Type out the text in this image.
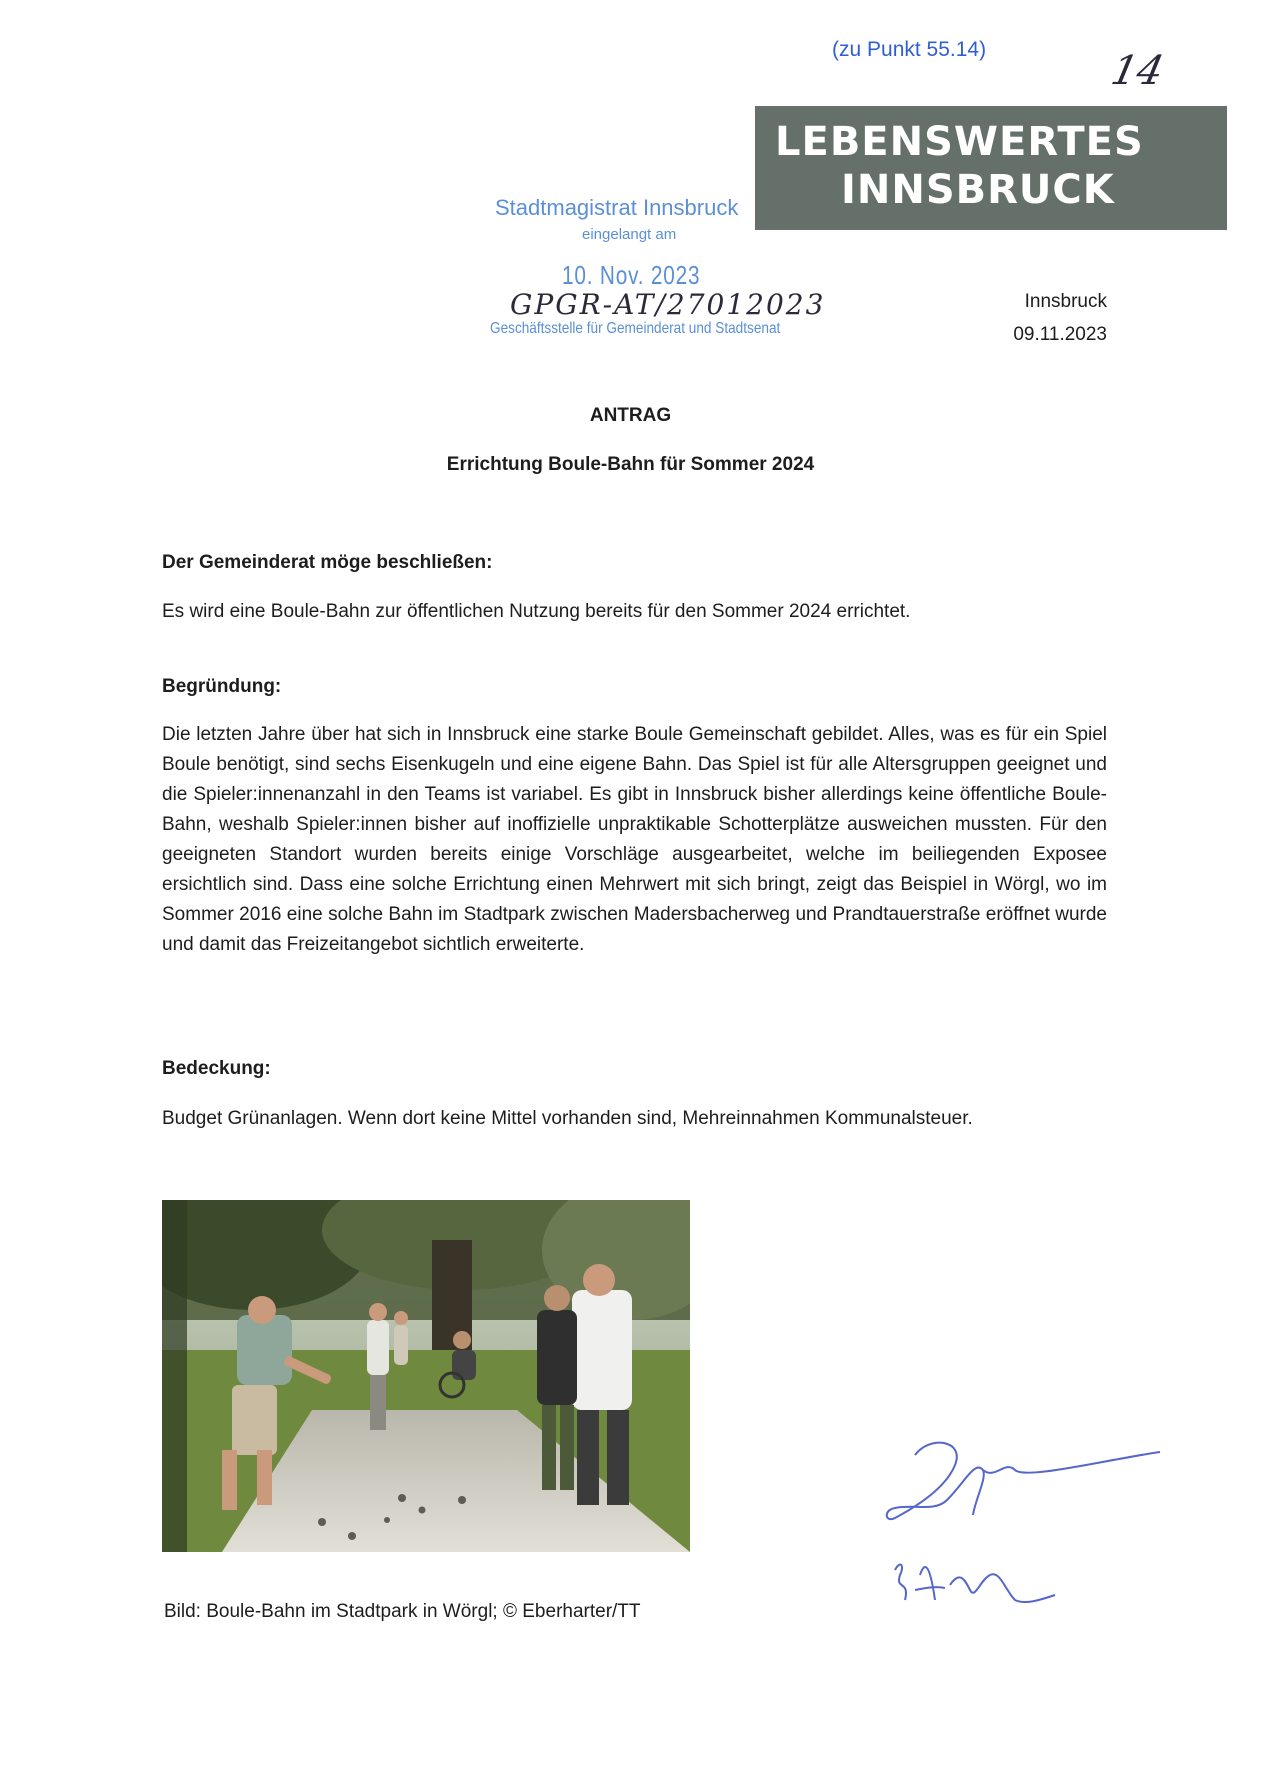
(zu Punkt 55.14)	14
LEBENSWERTES
INNSBRUCK
Stadtmagistrat Innsbruck
eingelangt am
10. Nov. 2023
GPGR-AT/27012023
Geschäftsstelle für Gemeinderat und Stadtsenat
Innsbruck
09.11.2023
ANTRAG
Errichtung Boule-Bahn für Sommer 2024
Der Gemeinderat möge beschließen:
Es wird eine Boule-Bahn zur öffentlichen Nutzung bereits für den Sommer 2024 errichtet.
Begründung:
Die letzten Jahre über hat sich in Innsbruck eine starke Boule Gemeinschaft gebildet. Alles, was es für ein Spiel Boule benötigt, sind sechs Eisenkugeln und eine eigene Bahn. Das Spiel ist für alle Altersgruppen geeignet und die Spieler:innenanzahl in den Teams ist variabel. Es gibt in Innsbruck bisher allerdings keine öffentliche Boule-Bahn, weshalb Spieler:innen bisher auf inoffizielle unpraktikable Schotterplätze ausweichen mussten. Für den geeigneten Standort wurden bereits einige Vorschläge ausgearbeitet, welche im beiliegenden Exposee ersichtlich sind. Dass eine solche Errichtung einen Mehrwert mit sich bringt, zeigt das Beispiel in Wörgl, wo im Sommer 2016 eine solche Bahn im Stadtpark zwischen Madersbacherweg und Prandtauerstraße eröffnet wurde und damit das Freizeitangebot sichtlich erweiterte.
Bedeckung:
Budget Grünanlagen. Wenn dort keine Mittel vorhanden sind, Mehreinnahmen Kommunalsteuer.
Bild: Boule-Bahn im Stadtpark in Wörgl; © Eberharter/TT
